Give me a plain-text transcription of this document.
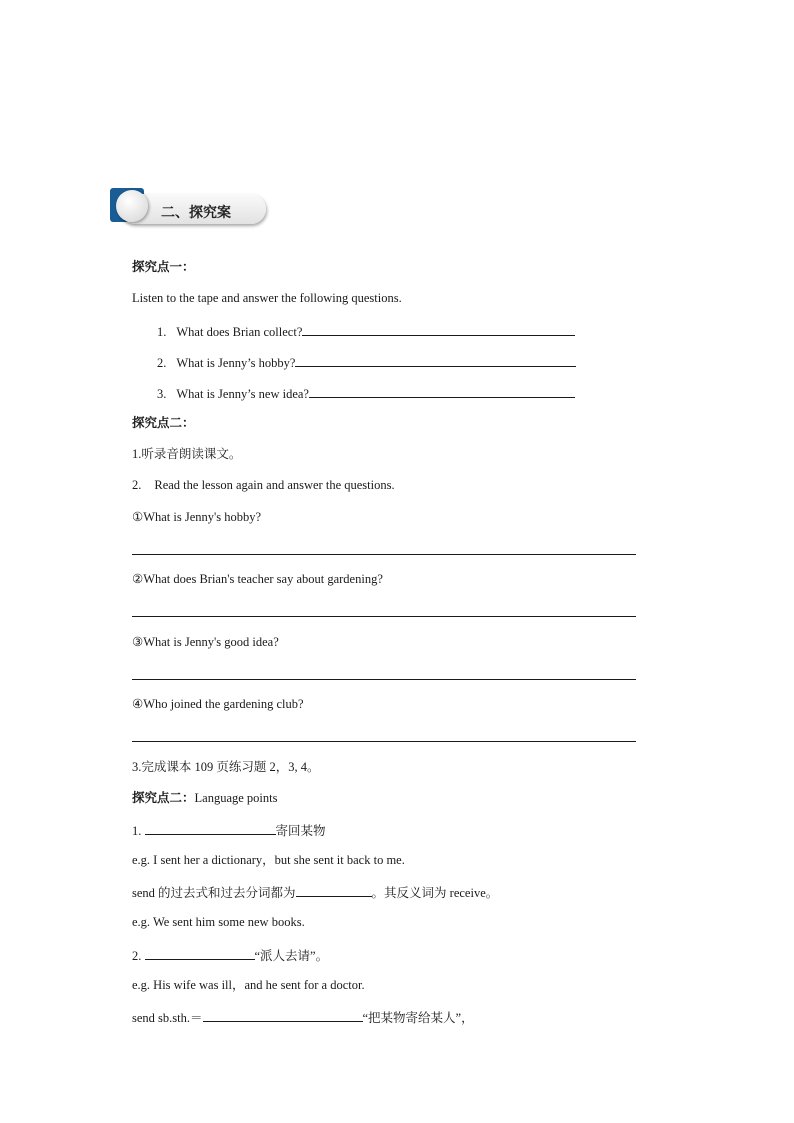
二、探究案
探究点一：
Listen to the tape and answer the following questions.
1. What does Brian collect?
2. What is Jenny’s hobby?
3. What is Jenny’s new idea?
探究点二：
1.听录音朗读课文。
2. Read the lesson again and answer the questions.
①What is Jenny's hobby?
②What does Brian's teacher say about gardening?
③What is Jenny's good idea?
④Who joined the gardening club?
3.完成课本 109 页练习题 2，3, 4。
探究点二：Language points
1.	寄回某物
e.g. I sent her a dictionary，but she sent it back to me.
send 的过去式和过去分词都为	。其反义词为 receive。
e.g. We sent him some new books.
2.	“派人去请”。
e.g. His wife was ill，and he sent for a doctor.
send sb.sth.＝	“把某物寄给某人”，
